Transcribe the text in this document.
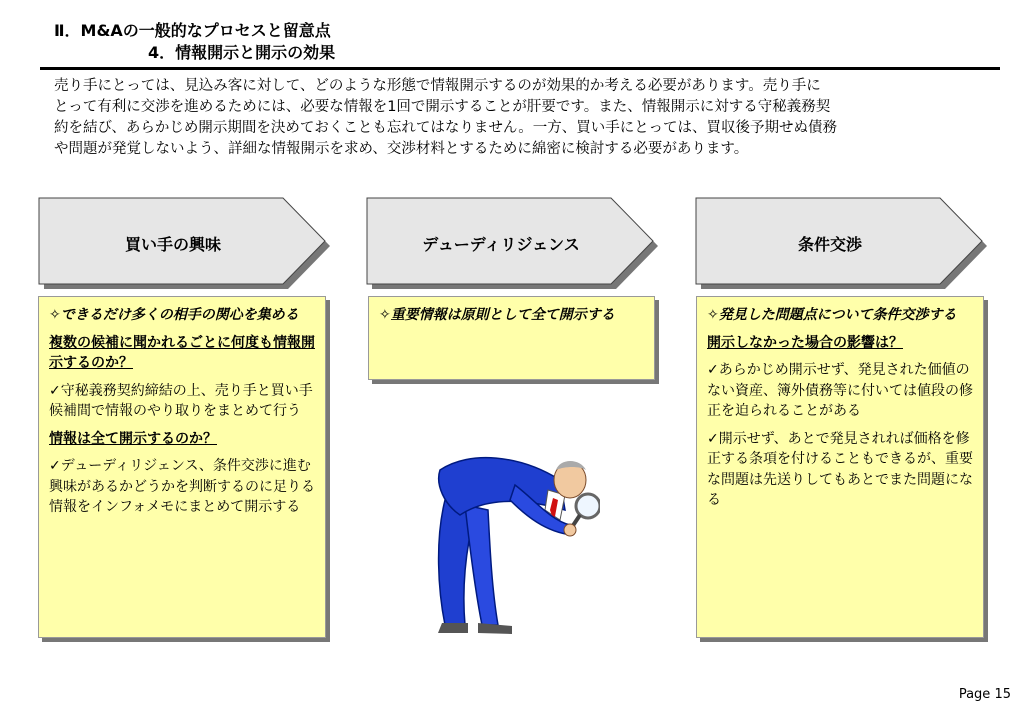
Ⅱ．M&Aの一般的なプロセスと留意点
4．情報開示と開示の効果
売り手にとっては、見込み客に対して、どのような形態で情報開示するのが効果的か考える必要があります。売り手に
とって有利に交渉を進めるためには、必要な情報を1回で開示することが肝要です。また、情報開示に対する守秘義務契
約を結び、あらかじめ開示期間を決めておくことも忘れてはなりません。一方、買い手にとっては、買収後予期せぬ債務
や問題が発覚しないよう、詳細な情報開示を求め、交渉材料とするために綿密に検討する必要があります。
買い手の興味	デューディリジェンス	条件交渉

✧できるだけ多くの相手の関心を集める

複数の候補に聞かれるごとに何度も情報開示するのか？

✓守秘義務契約締結の上、売り手と買い手候補間で情報のやり取りをまとめて行う

情報は全て開示するのか？

✓デューディリジェンス、条件交渉に進む興味があるかどうかを判断するのに足りる情報をインフォメモにまとめて開示する

✧重要情報は原則として全て開示する	✧発見した問題点について条件交渉する

開示しなかった場合の影響は？

✓あらかじめ開示せず、発見された価値のない資産、簿外債務等に付いては値段の修正を迫られることがある

✓開示せず、あとで発見されれば価格を修正する条項を付けることもできるが、重要な問題は先送りしてもあとでまた問題になる

Page 15
